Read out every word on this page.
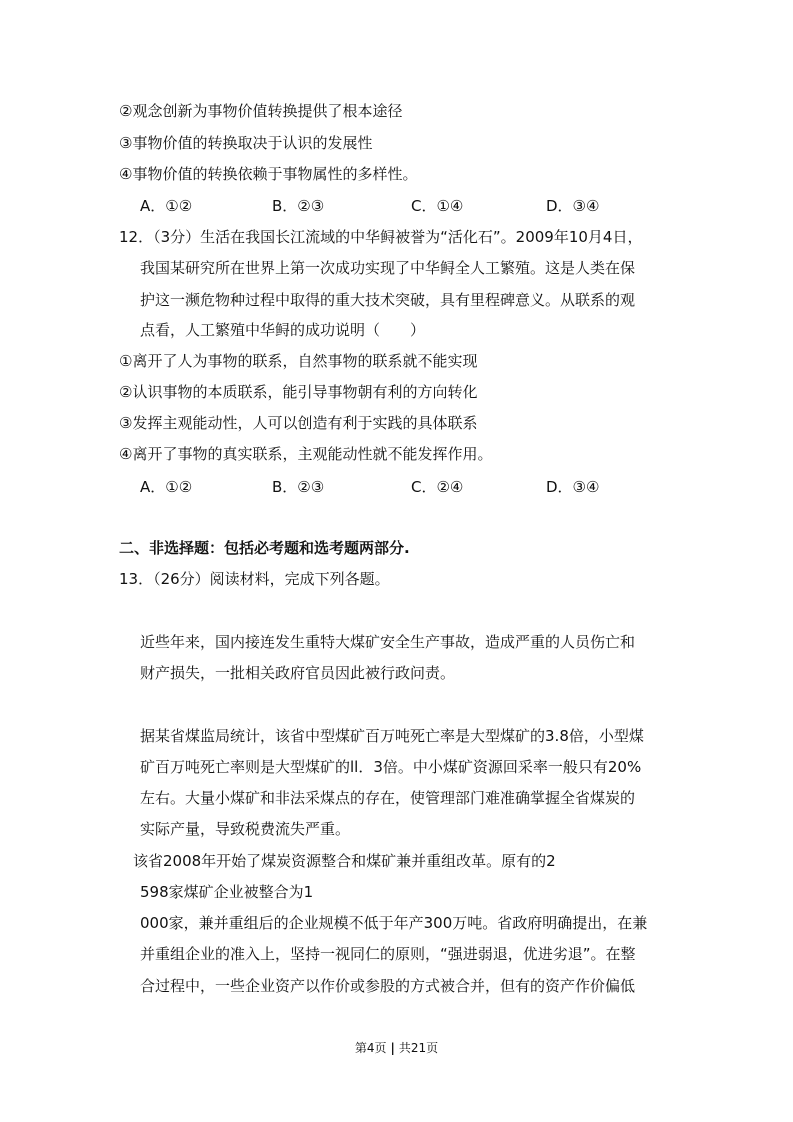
②观念创新为事物价值转换提供了根本途径
③事物价值的转换取决于认识的发展性
④事物价值的转换依赖于事物属性的多样性。
A．①②	B．②③	C．①④	D．③④
12．（3分）生活在我国长江流域的中华鲟被誉为“活化石”。2009年10月4日，
我国某研究所在世界上第一次成功实现了中华鲟全人工繁殖。这是人类在保
护这一濒危物种过程中取得的重大技术突破，具有里程碑意义。从联系的观
点看，人工繁殖中华鲟的成功说明（　　）
①离开了人为事物的联系，自然事物的联系就不能实现
②认识事物的本质联系，能引导事物朝有利的方向转化
③发挥主观能动性，人可以创造有利于实践的具体联系
④离开了事物的真实联系，主观能动性就不能发挥作用。
A．①②	B．②③	C．②④	D．③④
二、非选择题：包括必考题和选考题两部分.
13．（26分）阅读材料，完成下列各题。
近些年来，国内接连发生重特大煤矿安全生产事故，造成严重的人员伤亡和
财产损失，一批相关政府官员因此被行政问责。
据某省煤监局统计，该省中型煤矿百万吨死亡率是大型煤矿的3.8倍，小型煤
矿百万吨死亡率则是大型煤矿的ll．3倍。中小煤矿资源回采率一般只有20%
左右。大量小煤矿和非法采煤点的存在，使管理部门难准确掌握全省煤炭的
实际产量，导致税费流失严重。
该省2008年开始了煤炭资源整合和煤矿兼并重组改革。原有的2
598家煤矿企业被整合为1
000家，兼并重组后的企业规模不低于年产300万吨。省政府明确提出，在兼
并重组企业的准入上，坚持一视同仁的原则，“强进弱退，优进劣退”。在整
合过程中，一些企业资产以作价或参股的方式被合并，但有的资产作价偏低
第4页 | 共21页
